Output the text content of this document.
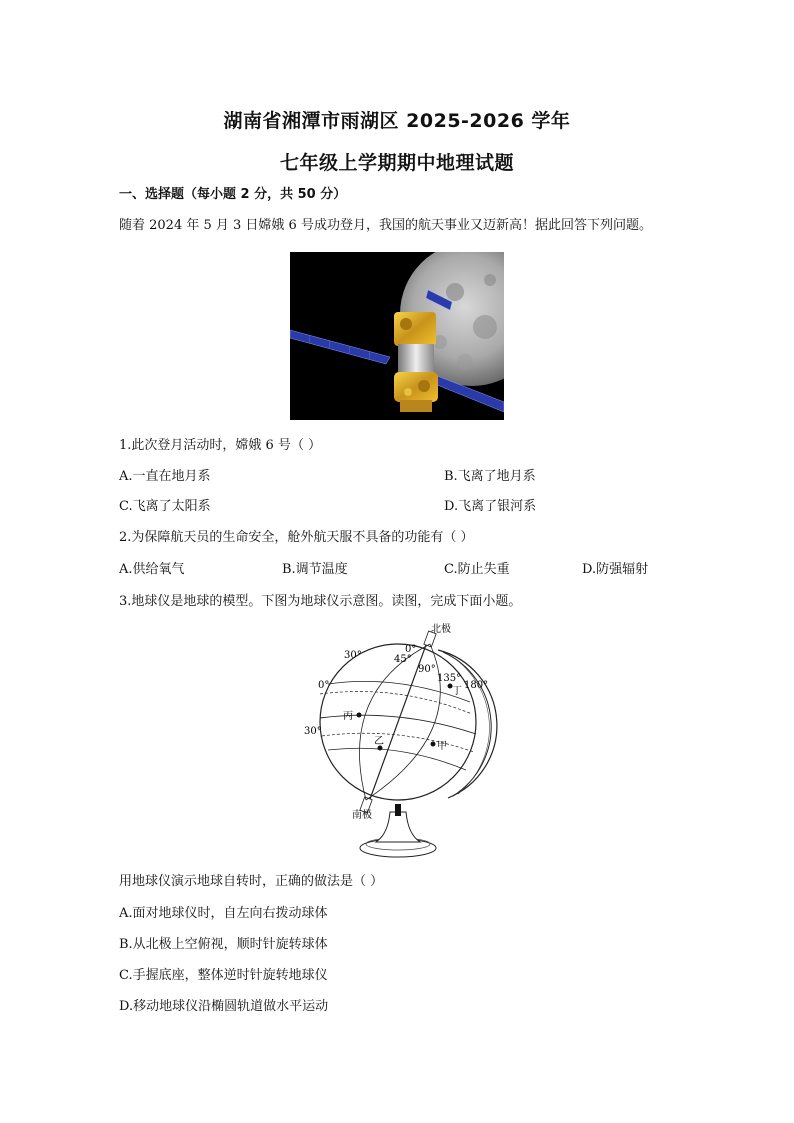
湖南省湘潭市雨湖区 2025-2026 学年
七年级上学期期中地理试题
一、选择题（每小题 2 分，共 50 分）
随着 2024 年 5 月 3 日嫦娥 6 号成功登月，我国的航天事业又迈新高！据此回答下列问题。
1.此次登月活动时，嫦娥 6 号（ ）
A.一直在地月系	B.飞离了地月系
C.飞离了太阳系	D.飞离了银河系
2.为保障航天员的生命安全，舱外航天服不具备的功能有（ ）
A.供给氧气	B.调节温度	C.防止失重	D.防强辐射
3.地球仪是地球的模型。下图为地球仪示意图。读图，完成下面小题。
北极
南极
30°
0°
30°
0°
45°
90°
135°
180°
丁
丙
乙	甲
用地球仪演示地球自转时，正确的做法是（ ）
A.面对地球仪时，自左向右拨动球体
B.从北极上空俯视，顺时针旋转球体
C.手握底座，整体逆时针旋转地球仪
D.移动地球仪沿椭圆轨道做水平运动
